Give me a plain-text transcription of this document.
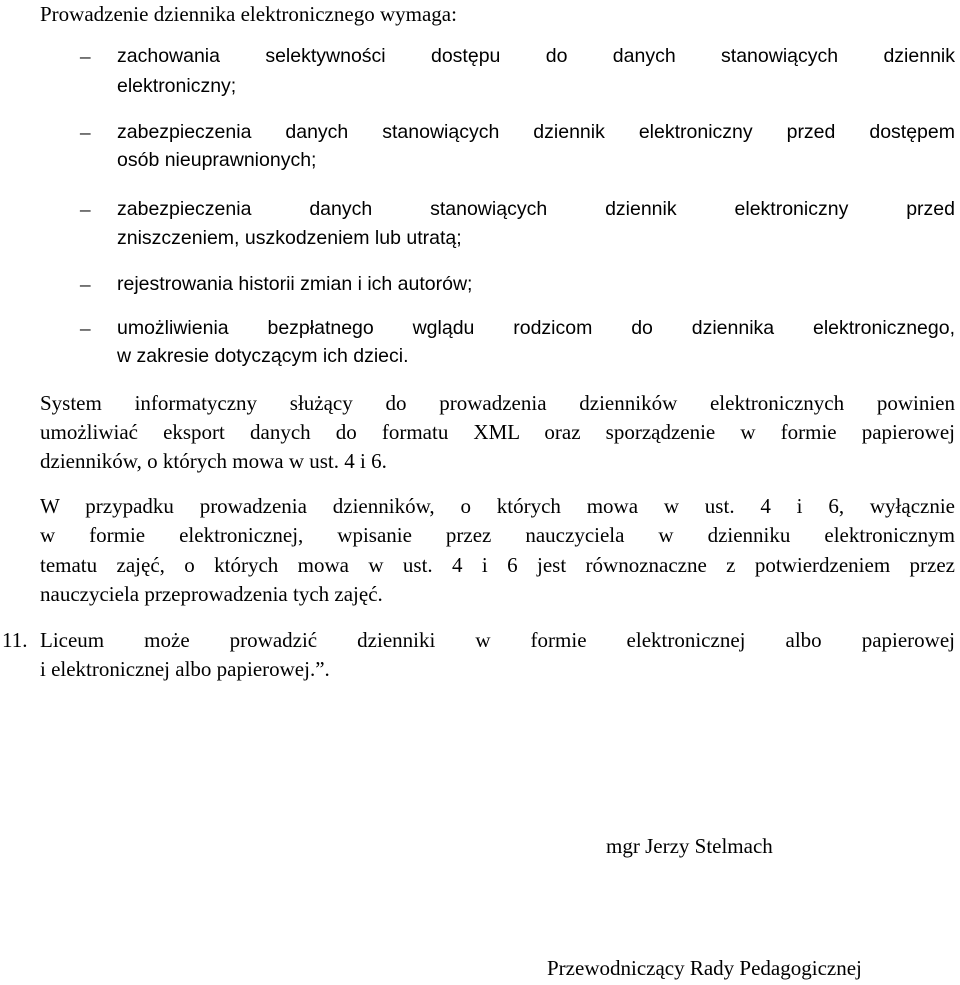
Prowadzenie dziennika elektronicznego wymaga:
– zachowania selektywności dostępu do danych stanowiących dziennik
elektroniczny;
– zabezpieczenia danych stanowiących dziennik elektroniczny przed dostępem
osób nieuprawnionych;
– zabezpieczenia danych stanowiących dziennik elektroniczny przed
zniszczeniem, uszkodzeniem lub utratą;
– rejestrowania historii zmian i ich autorów;
– umożliwienia bezpłatnego wglądu rodzicom do dziennika elektronicznego,
w zakresie dotyczącym ich dzieci.
System informatyczny służący do prowadzenia dzienników elektronicznych powinien
umożliwiać eksport danych do formatu XML oraz sporządzenie w formie papierowej
dzienników, o których mowa w ust. 4 i 6.
W przypadku prowadzenia dzienników, o których mowa w ust. 4 i 6, wyłącznie
w formie elektronicznej, wpisanie przez nauczyciela w dzienniku elektronicznym
tematu zajęć, o których mowa w ust. 4 i 6 jest równoznaczne z potwierdzeniem przez
nauczyciela przeprowadzenia tych zajęć.
11. Liceum może prowadzić dzienniki w formie elektronicznej albo papierowej
i elektronicznej albo papierowej.”.
mgr Jerzy Stelmach
Przewodniczący Rady Pedagogicznej
